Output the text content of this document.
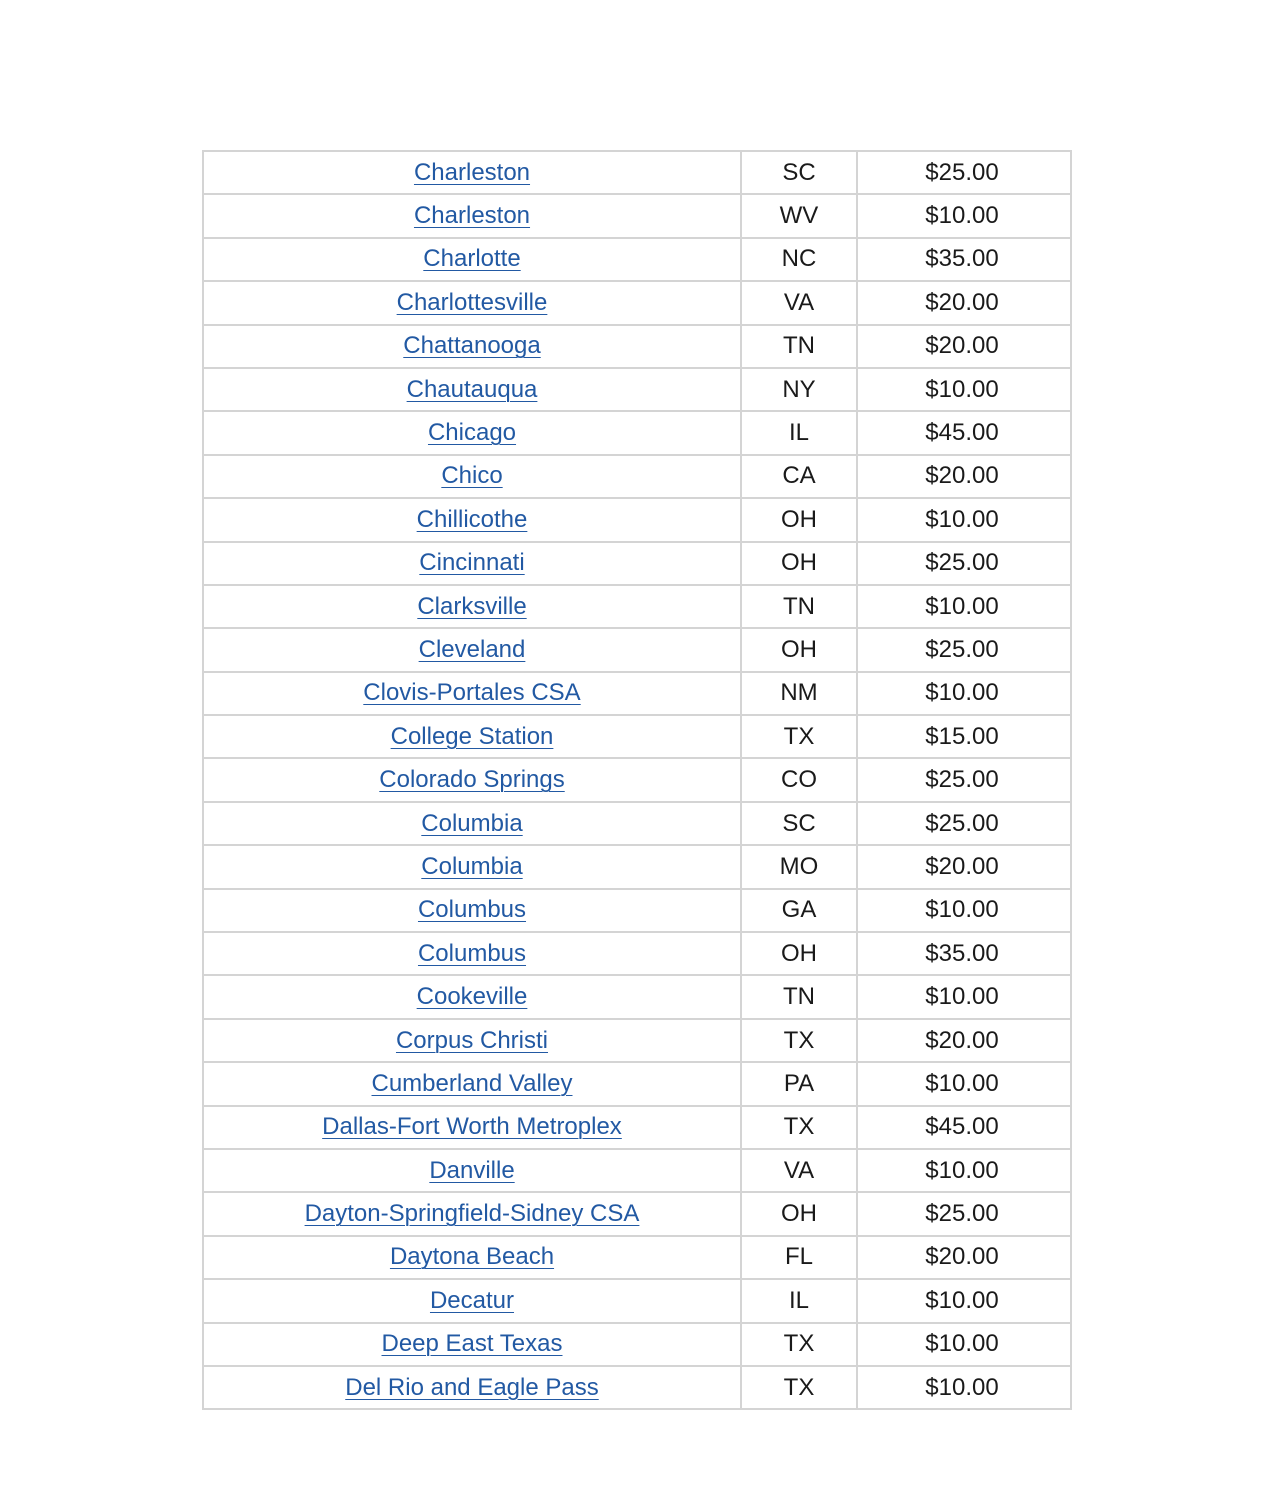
Charleston	SC	$25.00
Charleston	WV	$10.00
Charlotte	NC	$35.00
Charlottesville	VA	$20.00
Chattanooga	TN	$20.00
Chautauqua	NY	$10.00
Chicago	IL	$45.00
Chico	CA	$20.00
Chillicothe	OH	$10.00
Cincinnati	OH	$25.00
Clarksville	TN	$10.00
Cleveland	OH	$25.00
Clovis-Portales CSA	NM	$10.00
College Station	TX	$15.00
Colorado Springs	CO	$25.00
Columbia	SC	$25.00
Columbia	MO	$20.00
Columbus	GA	$10.00
Columbus	OH	$35.00
Cookeville	TN	$10.00
Corpus Christi	TX	$20.00
Cumberland Valley	PA	$10.00
Dallas-Fort Worth Metroplex	TX	$45.00
Danville	VA	$10.00
Dayton-Springfield-Sidney CSA	OH	$25.00
Daytona Beach	FL	$20.00
Decatur	IL	$10.00
Deep East Texas	TX	$10.00
Del Rio and Eagle Pass	TX	$10.00
